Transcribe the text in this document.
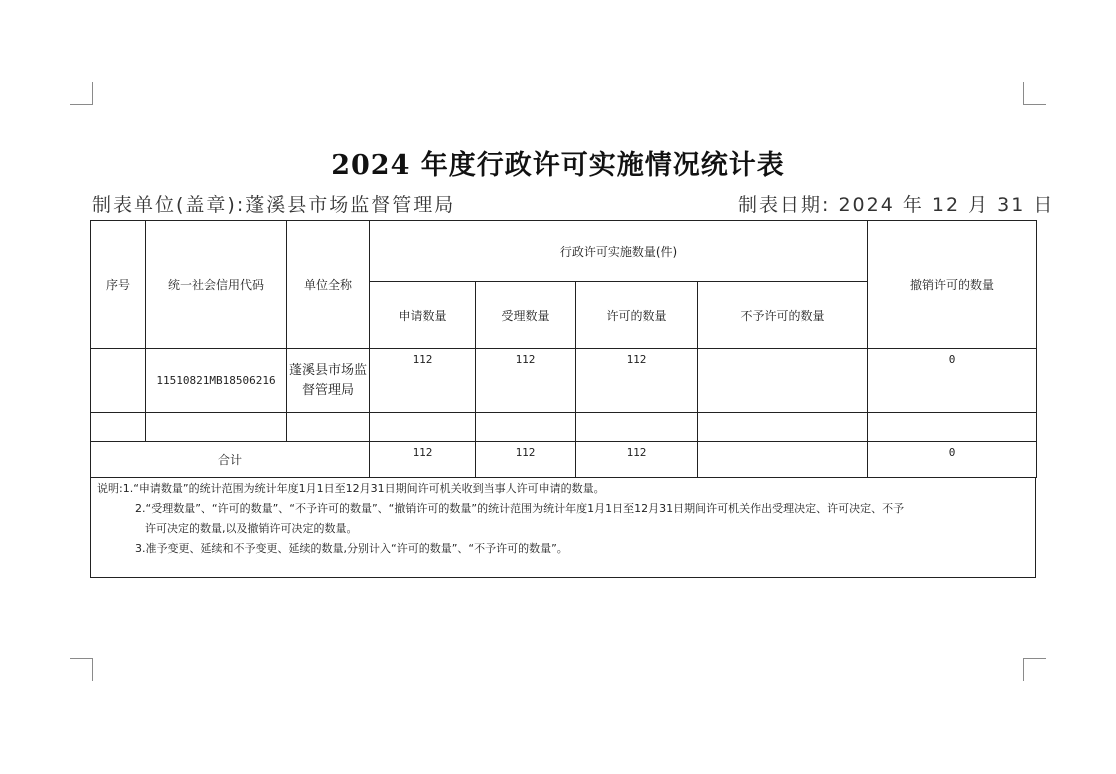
2024 年度行政许可实施情况统计表
制表单位(盖章):蓬溪县市场监督管理局	制表日期: 2024 年 12 月 31 日
序号	统一社会信用代码	单位全称	行政许可实施数量(件)				撤销许可的数量
			申请数量	受理数量	许可的数量	不予许可的数量	
	11510821MB18506216	蓬溪县市场监督管理局	112	112	112		0

合计			112	112	112		0
说明:1.“申请数量”的统计范围为统计年度1月1日至12月31日期间许可机关收到当事人许可申请的数量。
2.“受理数量”、“许可的数量”、“不予许可的数量”、“撤销许可的数量”的统计范围为统计年度1月1日至12月31日期间许可机关作出受理决定、许可决定、不予
许可决定的数量,以及撤销许可决定的数量。
3.准予变更、延续和不予变更、延续的数量,分别计入“许可的数量”、“不予许可的数量”。
